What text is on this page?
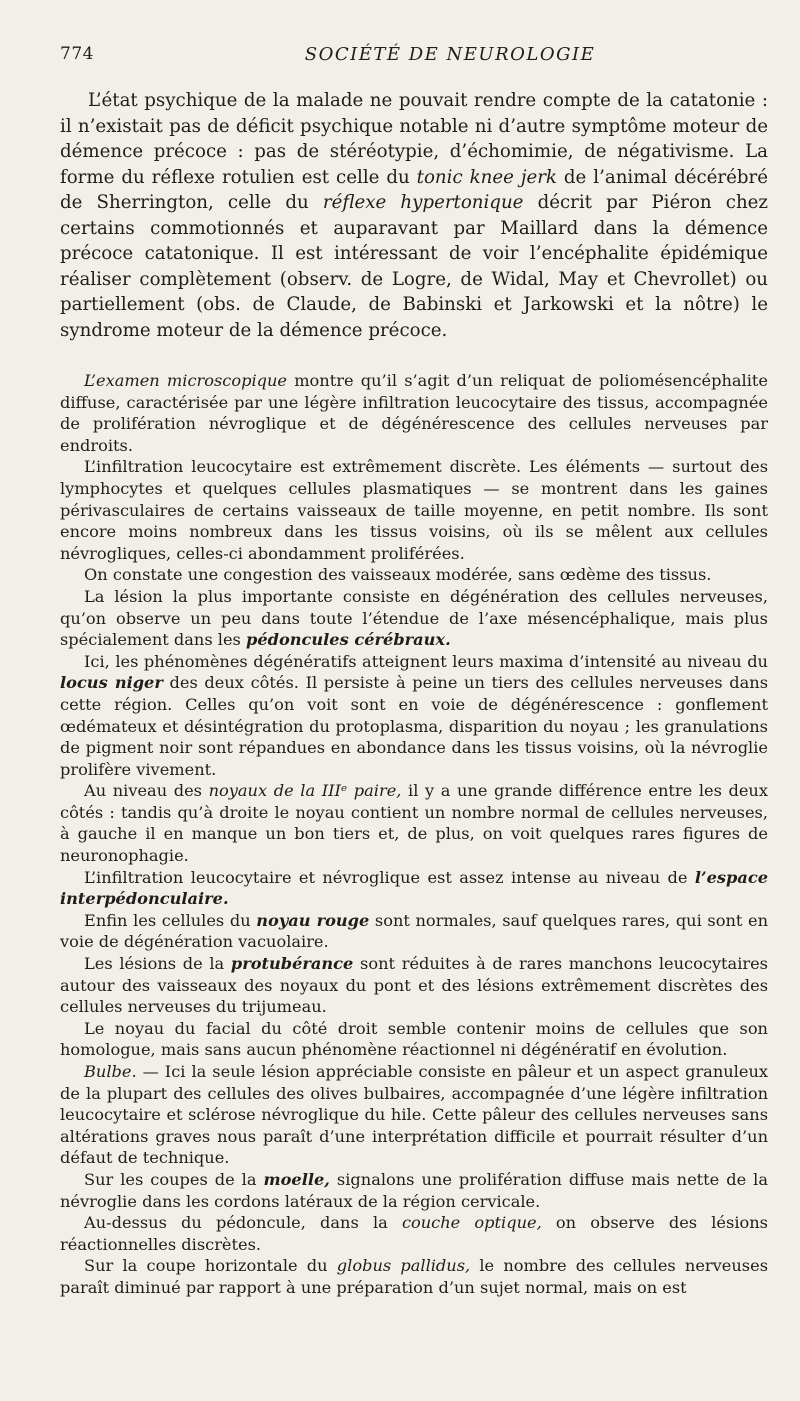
774	SOCIÉTÉ DE NEUROLOGIE

L’état psychique de la malade ne pouvait rendre compte de la catatonie : il n’existait pas de déficit psychique notable ni d’autre symptôme moteur de démence précoce : pas de stéréotypie, d’échomimie, de négativisme. La forme du réflexe rotulien est celle du tonic knee jerk de l’animal décérébré de Sherrington, celle du réflexe hypertonique décrit par Piéron chez certains commotionnés et auparavant par Maillard dans la démence précoce catatonique. Il est intéressant de voir l’encéphalite épidémique réaliser complètement (observ. de Logre, de Widal, May et Chevrollet) ou partiellement (obs. de Claude, de Babinski et Jarkowski et la nôtre) le syndrome moteur de la démence précoce.

L’examen microscopique montre qu’il s’agit d’un reliquat de poliomésencéphalite diffuse, caractérisée par une légère infiltration leucocytaire des tissus, accompagnée de prolifération névroglique et de dégénérescence des cellules nerveuses par endroits.

L’infiltration leucocytaire est extrêmement discrète. Les éléments — surtout des lymphocytes et quelques cellules plasmatiques — se montrent dans les gaines périvasculaires de certains vaisseaux de taille moyenne, en petit nombre. Ils sont encore moins nombreux dans les tissus voisins, où ils se mêlent aux cellules névrogliques, celles-ci abondamment proliférées.

On constate une congestion des vaisseaux modérée, sans œdème des tissus.

La lésion la plus importante consiste en dégénération des cellules nerveuses, qu’on observe un peu dans toute l’étendue de l’axe mésencéphalique, mais plus spécialement dans les pédoncules cérébraux.

Ici, les phénomènes dégénératifs atteignent leurs maxima d’intensité au niveau du locus niger des deux côtés. Il persiste à peine un tiers des cellules nerveuses dans cette région. Celles qu’on voit sont en voie de dégénérescence : gonflement œdémateux et désintégration du protoplasma, disparition du noyau ; les granulations de pigment noir sont répandues en abondance dans les tissus voisins, où la névroglie prolifère vivement.

Au niveau des noyaux de la IIIᵉ paire, il y a une grande différence entre les deux côtés : tandis qu’à droite le noyau contient un nombre normal de cellules nerveuses, à gauche il en manque un bon tiers et, de plus, on voit quelques rares figures de neuronophagie.

L’infiltration leucocytaire et névroglique est assez intense au niveau de l’espace interpédonculaire.

Enfin les cellules du noyau rouge sont normales, sauf quelques rares, qui sont en voie de dégénération vacuolaire.

Les lésions de la protubérance sont réduites à de rares manchons leucocytaires autour des vaisseaux des noyaux du pont et des lésions extrêmement discrètes des cellules nerveuses du trijumeau.

Le noyau du facial du côté droit semble contenir moins de cellules que son homologue, mais sans aucun phénomène réactionnel ni dégénératif en évolution.

Bulbe. — Ici la seule lésion appréciable consiste en pâleur et un aspect granuleux de la plupart des cellules des olives bulbaires, accompagnée d’une légère infiltration leucocytaire et sclérose névroglique du hile. Cette pâleur des cellules nerveuses sans altérations graves nous paraît d’une interprétation difficile et pourrait résulter d’un défaut de technique.

Sur les coupes de la moelle, signalons une prolifération diffuse mais nette de la névroglie dans les cordons latéraux de la région cervicale.

Au-dessus du pédoncule, dans la couche optique, on observe des lésions réactionnelles discrètes.

Sur la coupe horizontale du globus pallidus, le nombre des cellules nerveuses paraît diminué par rapport à une préparation d’un sujet normal, mais on est
